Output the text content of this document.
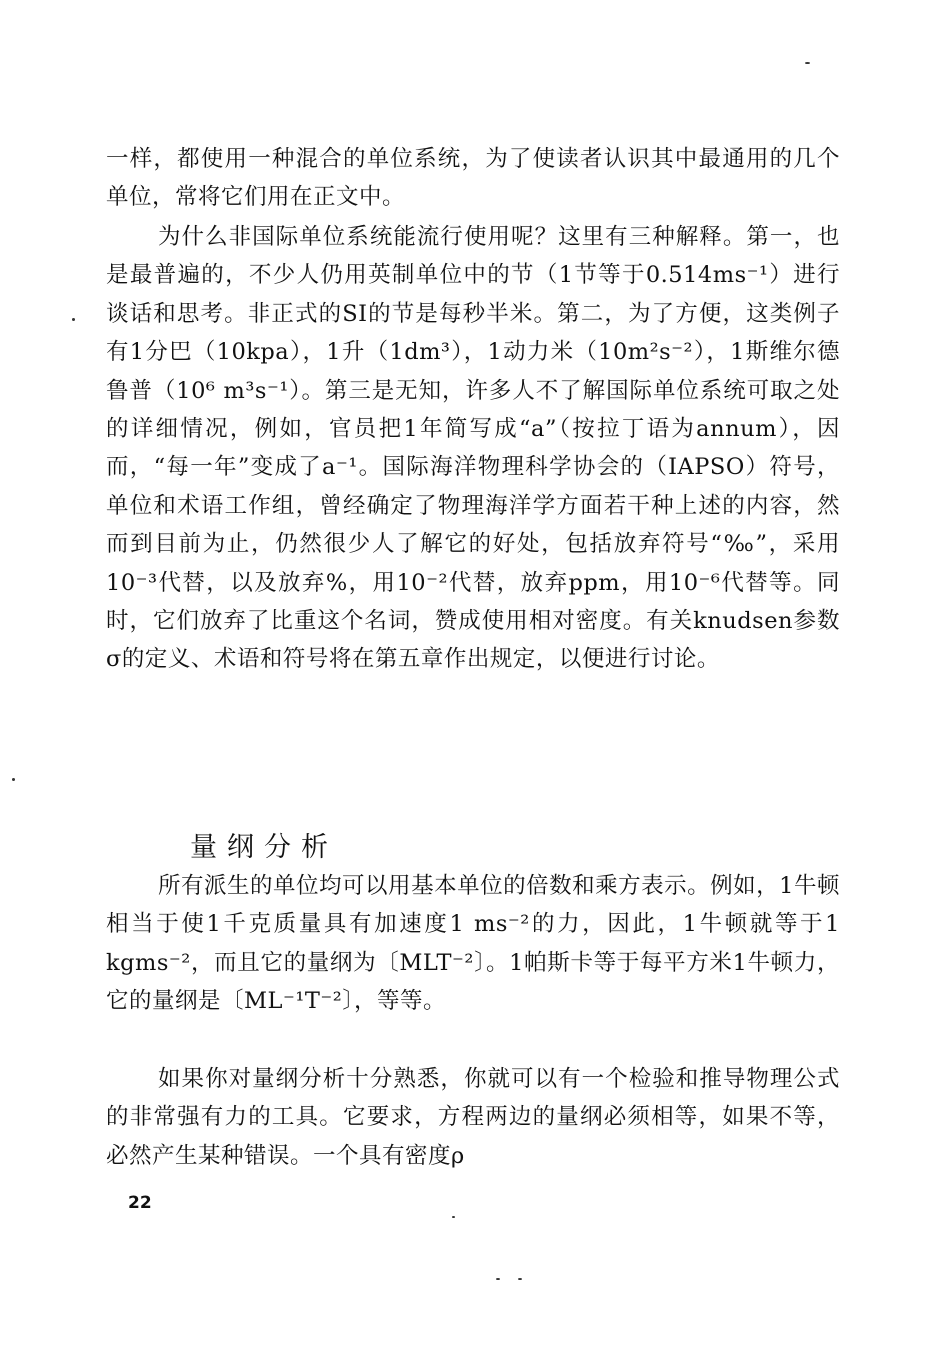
一样，都使用一种混合的单位系统，为了使读者认识其中最通用的几个单位，常将它们用在正文中。

为什么非国际单位系统能流行使用呢？这里有三种解释。第一，也是最普遍的，不少人仍用英制单位中的节（1节等于0.514ms⁻¹）进行谈话和思考。非正式的SI的节是每秒半米。第二，为了方便，这类例子有1分巴（10kpa），1升（1dm³），1动力米（10m²s⁻²），1斯维尔德鲁普（10⁶ m³s⁻¹）。第三是无知，许多人不了解国际单位系统可取之处的详细情况，例如，官员把1年简写成“a”（按拉丁语为annum），因而，“每一年”变成了a⁻¹。国际海洋物理科学协会的（IAPSO）符号，单位和术语工作组，曾经确定了物理海洋学方面若干种上述的内容，然而到目前为止，仍然很少人了解它的好处，包括放弃符号“‰”，采用10⁻³代替，以及放弃%，用10⁻²代替，放弃ppm，用10⁻⁶代替等。同时，它们放弃了比重这个名词，赞成使用相对密度。有关knudsen参数σ的定义、术语和符号将在第五章作出规定，以便进行讨论。

量纲分析

所有派生的单位均可以用基本单位的倍数和乘方表示。例如，1牛顿相当于使1千克质量具有加速度1 ms⁻²的力，因此，1牛顿就等于1 kgms⁻²，而且它的量纲为〔MLT⁻²〕。1帕斯卡等于每平方米1牛顿力，它的量纲是〔ML⁻¹T⁻²〕，等等。

如果你对量纲分析十分熟悉，你就可以有一个检验和推导物理公式的非常强有力的工具。它要求，方程两边的量纲必须相等，如果不等，必然产生某种错误。一个具有密度ρ

22
